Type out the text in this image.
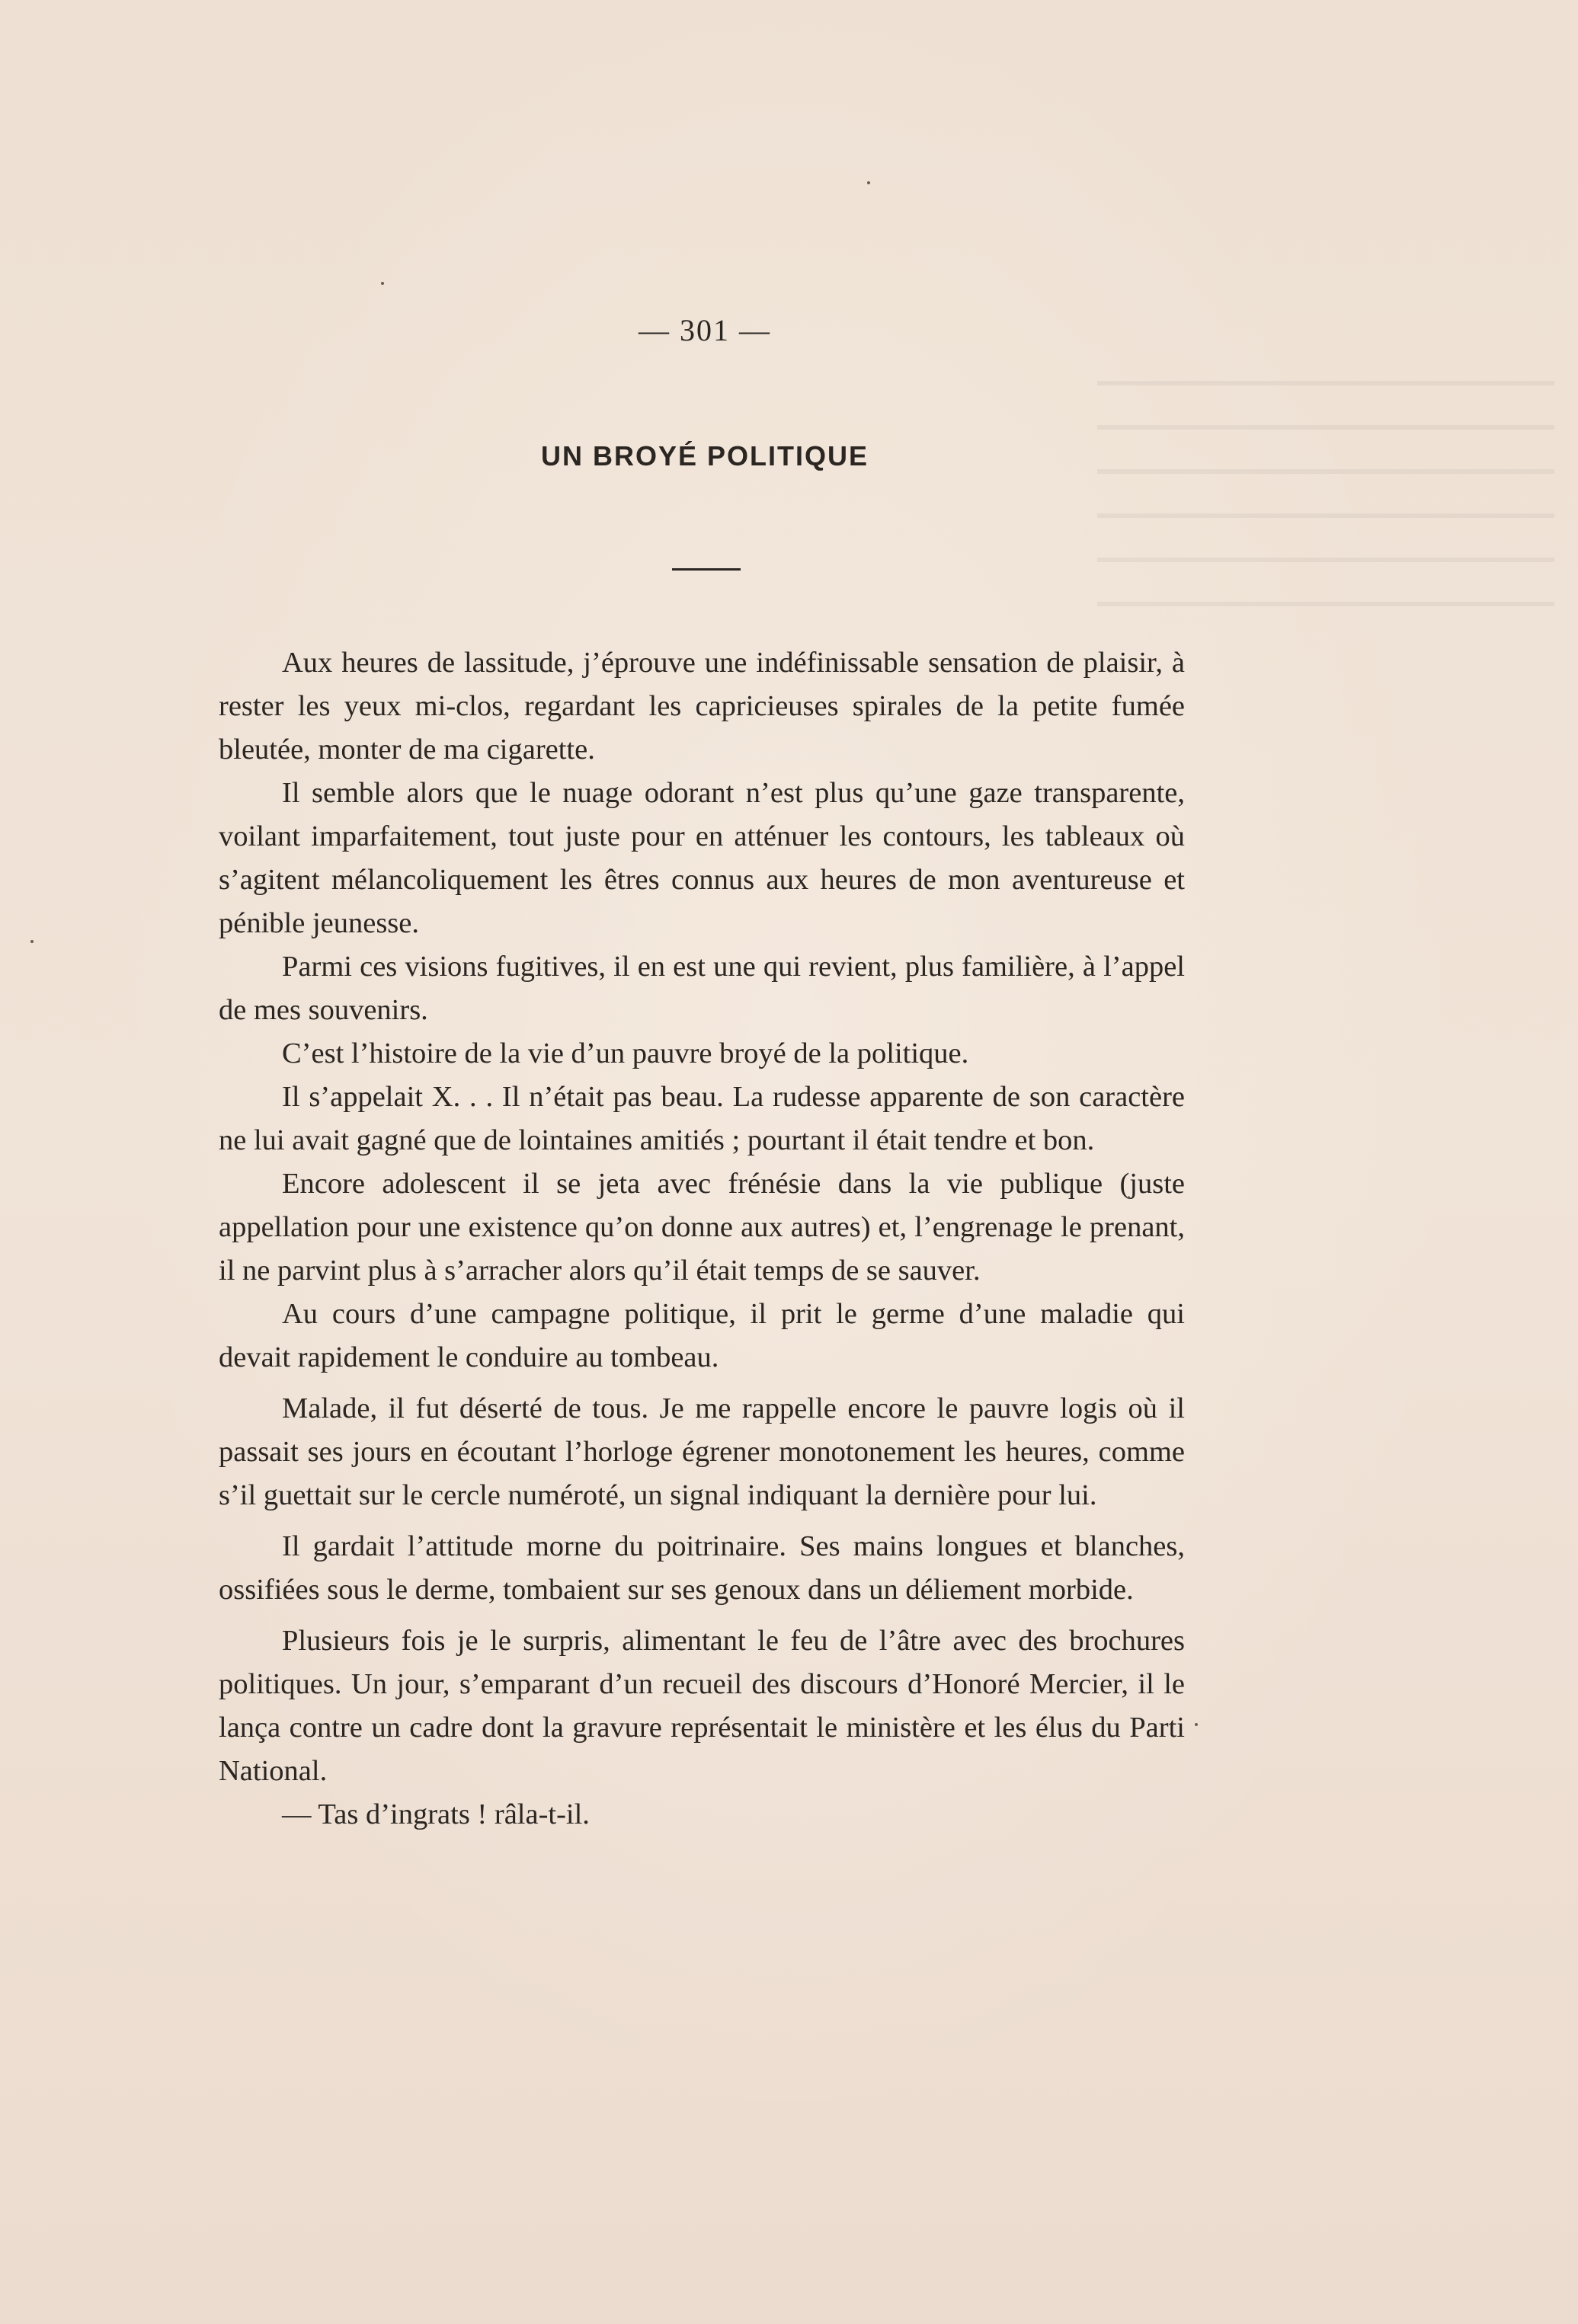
— 301 —
UN BROYÉ POLITIQUE

Aux heures de lassitude, j’éprouve une indéfinissable sensation de plaisir, à rester les yeux mi-clos, regardant les capricieuses spirales de la petite fumée bleutée, monter de ma cigarette.

Il semble alors que le nuage odorant n’est plus qu’une gaze transparente, voilant imparfaitement, tout juste pour en atténuer les contours, les tableaux où s’agitent mélancoliquement les êtres connus aux heures de mon aventureuse et pénible jeunesse.

Parmi ces visions fugitives, il en est une qui revient, plus familière, à l’appel de mes souvenirs.

C’est l’histoire de la vie d’un pauvre broyé de la politique.

Il s’appelait X. . . Il n’était pas beau. La rudesse apparente de son caractère ne lui avait gagné que de lointaines amitiés ; pourtant il était tendre et bon.

Encore adolescent il se jeta avec frénésie dans la vie publique (juste appellation pour une existence qu’on donne aux autres) et, l’engrenage le prenant, il ne parvint plus à s’arracher alors qu’il était temps de se sauver.

Au cours d’une campagne politique, il prit le germe d’une maladie qui devait rapidement le conduire au tombeau.

Malade, il fut déserté de tous. Je me rappelle encore le pauvre logis où il passait ses jours en écoutant l’horloge égrener monotonement les heures, comme s’il guettait sur le cercle numéroté, un signal indiquant la dernière pour lui.

Il gardait l’attitude morne du poitrinaire. Ses mains longues et blanches, ossifiées sous le derme, tombaient sur ses genoux dans un déliement morbide.

Plusieurs fois je le surpris, alimentant le feu de l’âtre avec des brochures politiques. Un jour, s’emparant d’un recueil des discours d’Honoré Mercier, il le lança contre un cadre dont la gravure représentait le ministère et les élus du Parti National.

— Tas d’ingrats ! râla-t-il.
